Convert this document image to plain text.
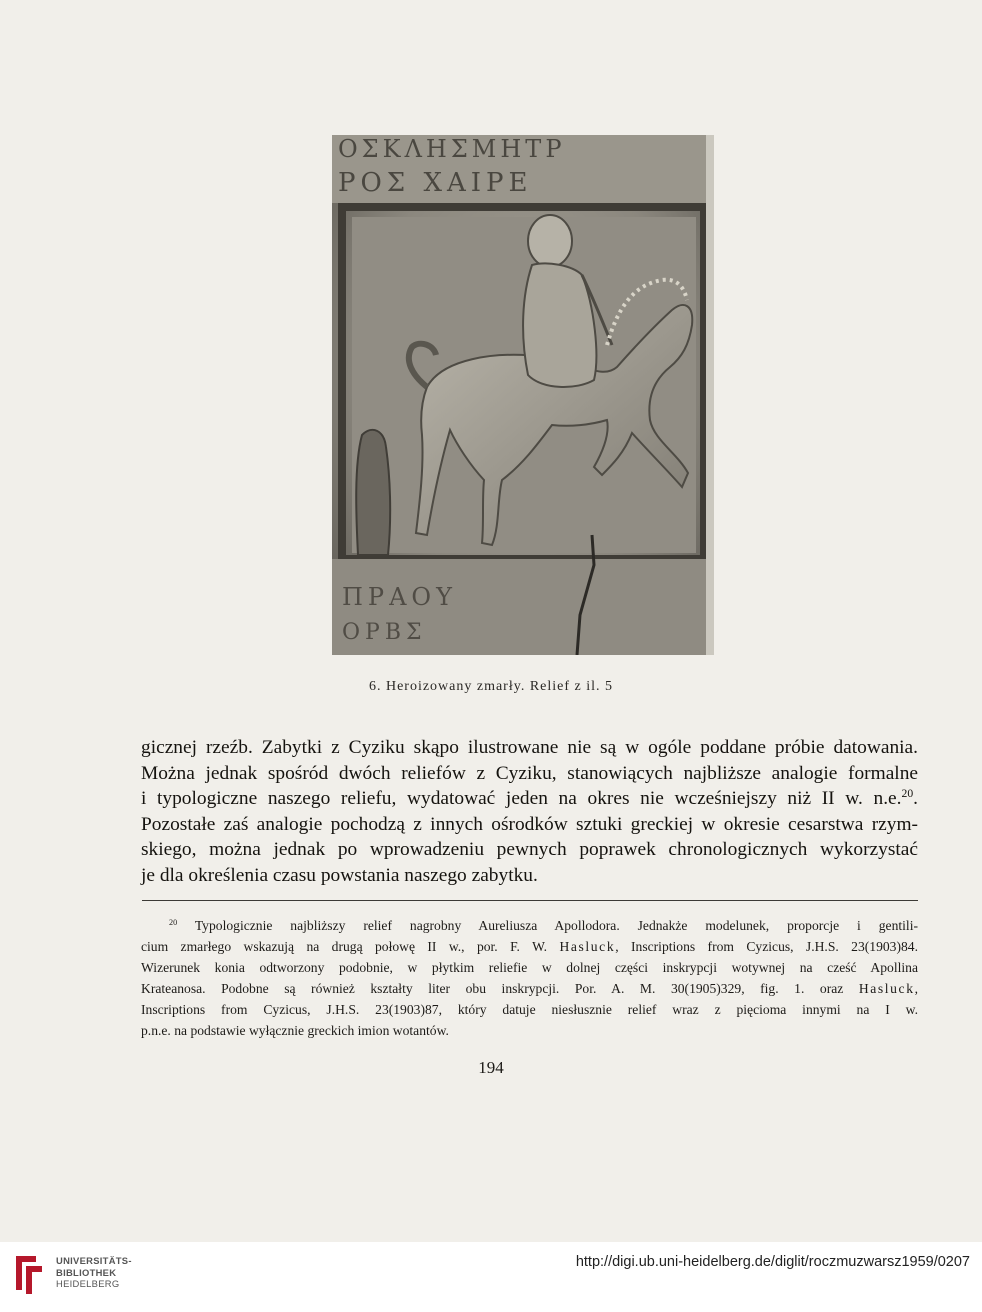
ΟΣΚΛΗΣΜΗΤΡ
ΡΟΣ ΧΑΙΡΕ
ΠΡΑΟΥ
ΟΡΒΣ
6. Heroizowany zmarły. Relief z il. 5
gicznej rzeźb. Zabytki z Cyziku skąpo ilustrowane nie są w ogóle poddane próbie datowania.
Można jednak spośród dwóch reliefów z Cyziku, stanowiących najbliższe analogie formalne
i typologiczne naszego reliefu, wydatować jeden na okres nie wcześniejszy niż II w. n.e.$^{20}$.
Pozostałe zaś analogie pochodzą z innych ośrodków sztuki greckiej w okresie cesarstwa rzym-
skiego, można jednak po wprowadzeniu pewnych poprawek chronologicznych wykorzystać
je dla określenia czasu powstania naszego zabytku.
$^{20}$ Typologicznie najbliższy relief nagrobny Aureliusza Apollodora. Jednakże modelunek, proporcje i gentili-
cium zmarłego wskazują na drugą połowę II w., por. F. W. Hasluck, Inscriptions from Cyzicus, J.H.S. 23(1903)84.
Wizerunek konia odtworzony podobnie, w płytkim reliefie w dolnej części inskrypcji wotywnej na cześć Apollina
Krateanosa. Podobne są również kształty liter obu inskrypcji. Por. A. M. 30(1905)329, fig. 1. oraz Hasluck,
Inscriptions from Cyzicus, J.H.S. 23(1903)87, który datuje niesłusznie relief wraz z pięcioma innymi na I w.
p.n.e. na podstawie wyłącznie greckich imion wotantów.
194
UNIVERSITÄTS-
BIBLIOTHEK
HEIDELBERG
http://digi.ub.uni-heidelberg.de/diglit/roczmuzwarsz1959/0207
